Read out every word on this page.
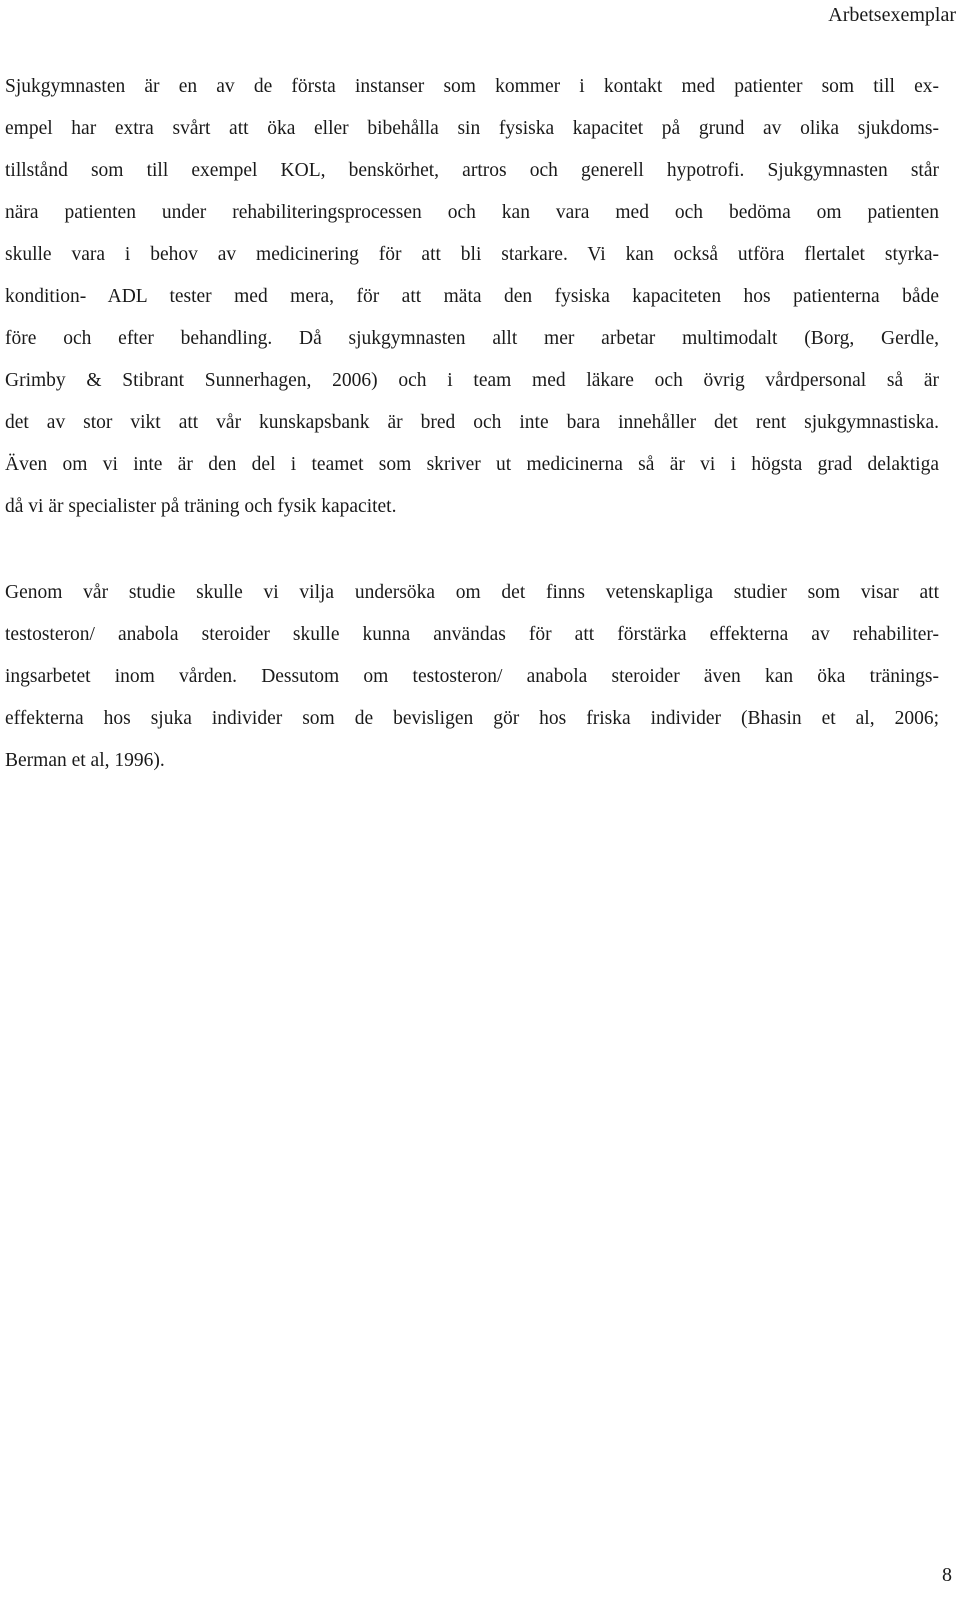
Arbetsexemplar
Sjukgymnasten är en av de första instanser som kommer i kontakt med patienter som till ex-
empel har extra svårt att öka eller bibehålla sin fysiska kapacitet på grund av olika sjukdoms-
tillstånd som till exempel KOL, benskörhet, artros och generell hypotrofi. Sjukgymnasten står
nära patienten under rehabiliteringsprocessen och kan vara med och bedöma om patienten
skulle vara i behov av medicinering för att bli starkare. Vi kan också utföra flertalet styrka-
kondition- ADL tester med mera, för att mäta den fysiska kapaciteten hos patienterna både
före och efter behandling. Då sjukgymnasten allt mer arbetar multimodalt (Borg, Gerdle,
Grimby & Stibrant Sunnerhagen, 2006) och i team med läkare och övrig vårdpersonal så är
det av stor vikt att vår kunskapsbank är bred och inte bara innehåller det rent sjukgymnastiska.
Även om vi inte är den del i teamet som skriver ut medicinerna så är vi i högsta grad delaktiga
då vi är specialister på träning och fysik kapacitet.
Genom vår studie skulle vi vilja undersöka om det finns vetenskapliga studier som visar att
testosteron/ anabola steroider skulle kunna användas för att förstärka effekterna av rehabiliter-
ingsarbetet inom vården. Dessutom om testosteron/ anabola steroider även kan öka tränings-
effekterna hos sjuka individer som de bevisligen gör hos friska individer (Bhasin et al, 2006;
Berman et al, 1996).
8
